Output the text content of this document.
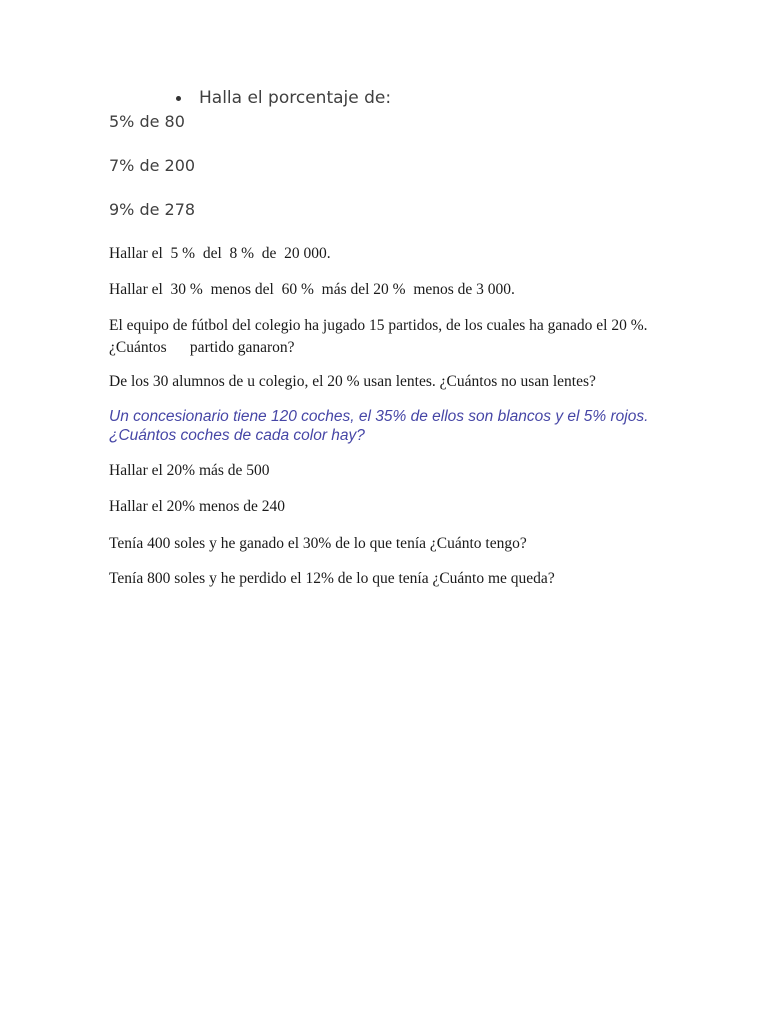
Halla el porcentaje de:

5% de 80

7% de 200

9% de 278

Hallar el  5 %  del  8 %  de  20 000.

Hallar el  30 %  menos del  60 %  más del 20 %  menos de 3 000.

El equipo de fútbol del colegio ha jugado 15 partidos, de los cuales ha ganado el 20 %. ¿Cuántos      partido ganaron?

De los 30 alumnos de u colegio, el 20 % usan lentes. ¿Cuántos no usan lentes?

Un concesionario tiene 120 coches, el 35% de ellos son blancos y el 5% rojos. ¿Cuántos coches de cada color hay?

Hallar el 20% más de 500

Hallar el 20% menos de 240

Tenía 400 soles y he ganado el 30% de lo que tenía ¿Cuánto tengo?

Tenía 800 soles y he perdido el 12% de lo que tenía ¿Cuánto me queda?
